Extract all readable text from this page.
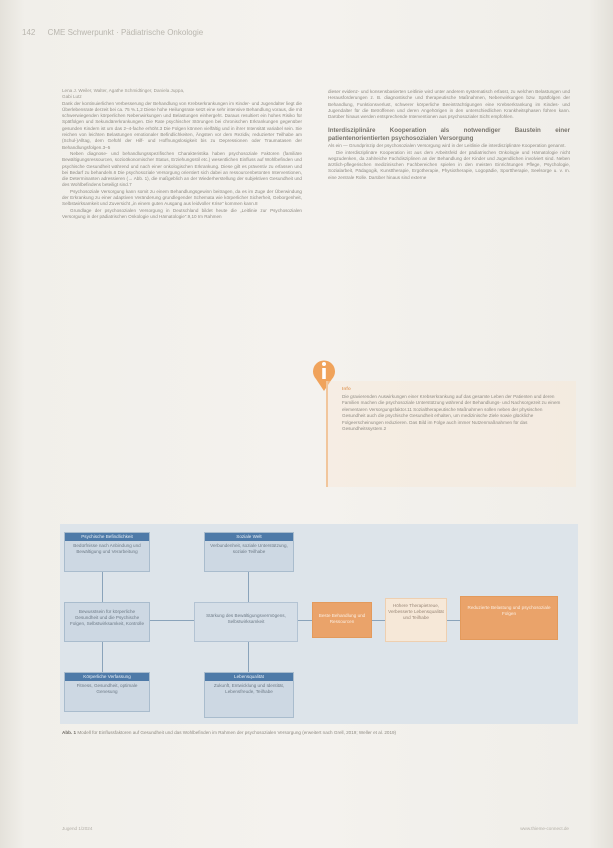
142 CME Schwerpunkt · Pädiatrische Onkologie

Lena J. Weiler, Walter, Agathe Schmidtinger, Daniela Juppa,

Gabi Lutz

Dank der kontinuierlichen Verbesserung der Behandlung von Krebserkrankungen im Kinder- und Jugendalter liegt die Überlebensrate derzeit bei ca. 75 %.1,2 Diese hohe Heilungsrate setzt eine sehr intensive Behandlung voraus, die mit schwerwiegenden körperlichen Nebenwirkungen und Belastungen einhergeht. Daraus resultiert ein hohes Risiko für Spätfolgen und Sekundärerkrankungen. Die Rate psychischer Störungen bei chronischen Erkrankungen gegenüber gesunden Kindern ist um das 2–4-fache erhöht.3 Die Folgen können vielfältig und in ihrer Intensität variabel sein. Sie reichen von leichten Belastungen emotionaler Befindlichkeiten, Ängsten vor dem Rezidiv, reduzierter Teilhabe am (Schul-)Alltag, dem Gefühl der Hilf- und Hoffnungslosigkeit bis zu Depressionen oder Traumatasen der Behandlungsfolgen.3–5

Neben diagnose- und behandlungsspezifischen Charakteristika haben psychosoziale Faktoren (familiäre Bewältigungsressourcen, sozioökonomischer Status, Erziehungsstil etc.) wesentlichen Einfluss auf Wohlbefinden und psychische Gesundheit während und nach einer onkologischen Erkrankung. Diese gilt es präventiv zu erfassen und bei Bedarf zu behandeln.6 Die psychosoziale Versorgung orientiert sich dabei an ressourcenbetonten Interventionen, die Determinanten adressieren (→ Abb. 1), die maßgeblich an der Wiederherstellung der subjektiven Gesundheit und des Wohlbefindens beteiligt sind.7

Psychosoziale Versorgung kann somit zu einem Behandlungsgewinn beitragen, da es im Zuge der Überwindung der Erkrankung zu einer adaptiven Veränderung grundlegender Schemata wie körperlicher Sicherheit, Geborgenheit, Selbstwirksamkeit und Zuversicht „in einem guten Ausgang aus leidvoller Krise“ kommen kann.8

Grundlage der psychosozialen Versorgung in Deutschland bildet heute die „Leitlinie zur Psychosozialen Versorgung in der pädiatrischen Onkologie und Hämatologie“.9,10 Im Rahmen

dieser evidenz- und konsensbasierten Leitlinie wird unter anderem systematisch erfasst, zu welchen Belastungen und Herausforderungen z. B. diagnostische und therapeutische Maßnahmen, Nebenwirkungen bzw. Spätfolgen der Behandlung, Funktionsverlust, schwerer körperliche Beeinträchtigungen eine Krebserkrankung im Kindes- und Jugendalter für die Betroffenen und deren Angehörigen in den unterschiedlichen Krankheitsphasen führen kann. Darüber hinaus werden entsprechende Interventionen aus psychosozialer Sicht empfohlen.

Interdisziplinäre Kooperation als notwendiger Baustein einer patientenorientierten psychosozialen Versorgung

Als ein — Grundprinzip der psychosozialen Versorgung wird in der Leitlinie die interdisziplinäre Kooperation genannt.

Die interdisziplinäre Kooperation ist aus dem Arbeitsfeld der pädiatrischen Onkologie und Hämatologie nicht wegzudenken, da zahlreiche Fachdisziplinen an der Behandlung der Kinder und Jugendlichen involviert sind. Neben ärztlich-pflegerischen medizinischen Fachbereichen spielen in den meisten Einrichtungen Pflege, Psychologie, Sozialarbeit, Pädagogik, Kunsttherapie, Ergotherapie, Physiotherapie, Logopädie, Sporttherapie, Seelsorge u. v. m. eine zentrale Rolle. Darüber hinaus sind externe

Info
Die gravierenden Auswirkungen einer Krebserkrankung auf das gesamte Leben der Patienten und deren Familien machen die psychosoziale Unterstützung während der Behandlungs- und Nachsorgezeit zu einem elementaren Versorgungsfaktor.11 Sozialtherapeutische Maßnahmen sollen neben der physischen Gesundheit auch die psychische Gesundheit erhalten, um medizinische Ziele sowie glückliche Folgeerscheinungen reduzieren. Das Bild im Folge auch immer Nutzenmaßnahmen für das Gesundheitssystem.2
Psychische Befindlichkeit
Bedürfnisse nach Anbindung und Bewältigung und Verarbeitung
Soziale Welt
Verbundenheit, soziale Unterstützung, soziale Teilhabe
Bewusstsein für körperliche Gesundheit und die Psychische Folgen, Selbstwirksamkeit, Kontrolle
Stärkung des Bewältigungsvermögens, Selbstwirksamkeit
Beste Behandlung und Ressourcen
Höhere Therapietreue, Verbesserte Lebensqualität und Teilhabe
Reduzierte Belastung und psychosoziale Folgen
Körperliche Verfassung
Fitness, Gesundheit, optimale Genesung
Lebensqualität
Zukunft, Entwicklung und Identität, Lebensfreude, Teilhabe
Abb. 1 Modell für Einflussfaktoren auf Gesundheit und das Wohlbefinden im Rahmen der psychosozialen Versorgung (erweitert nach Grell, 2019; Weller et al. 2019)
Jugend 1/2024	www.thieme-connect.de
